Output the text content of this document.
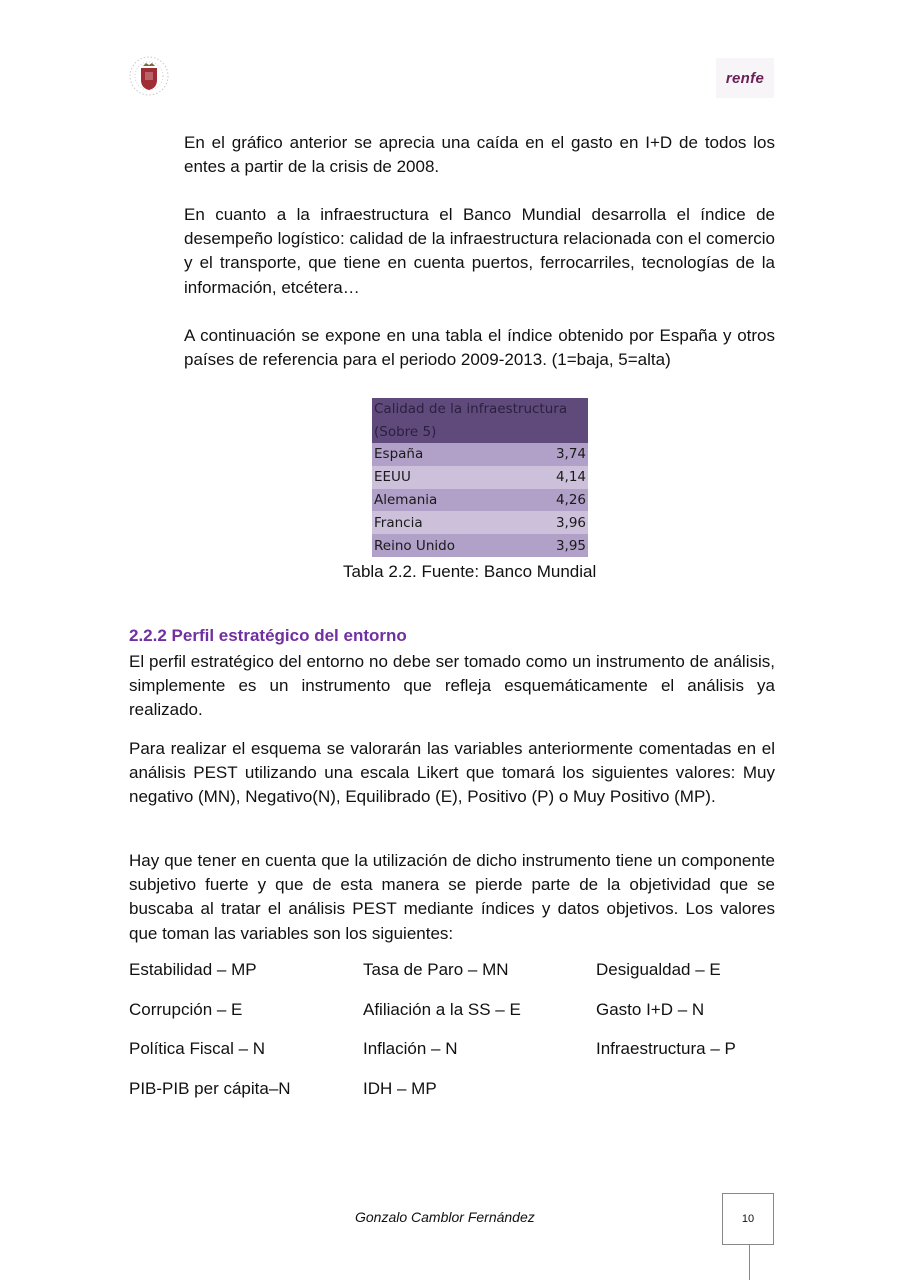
renfe

En el gráfico anterior se aprecia una caída en el gasto en I+D de todos los entes a partir de la crisis de 2008.

En cuanto a la infraestructura el Banco Mundial desarrolla el índice de desempeño logístico: calidad de la infraestructura relacionada con el comercio y el transporte, que tiene en cuenta puertos, ferrocarriles, tecnologías de la información, etcétera…

A continuación se expone en una tabla el índice obtenido por España y otros países de referencia para el periodo 2009-2013. (1=baja, 5=alta)

Calidad de la infraestructura	
(Sobre 5)	
España	3,74
EEUU	4,14
Alemania	4,26
Francia	3,96
Reino Unido	3,95
Tabla 2.2. Fuente: Banco Mundial
2.2.2 Perfil estratégico del entorno

El perfil estratégico del entorno no debe ser tomado como un instrumento de análisis, simplemente es un instrumento que refleja esquemáticamente el análisis ya realizado.

Para realizar el esquema se valorarán las variables anteriormente comentadas en el análisis PEST utilizando una escala Likert que tomará los siguientes valores: Muy negativo (MN), Negativo(N), Equilibrado (E), Positivo (P) o Muy Positivo (MP).

Hay que tener en cuenta que la utilización de dicho instrumento tiene un componente subjetivo fuerte y que de esta manera se pierde parte de la objetividad que se buscaba al tratar el análisis PEST mediante índices y datos objetivos. Los valores que toman las variables son los siguientes:

Estabilidad – MP	Tasa de Paro – MN	Desigualdad – E
Corrupción – E	Afiliación a la SS – E	Gasto I+D – N
Política Fiscal – N	Inflación – N	Infraestructura – P
PIB-PIB per cápita–N	IDH – MP
Gonzalo Camblor Fernández	10
